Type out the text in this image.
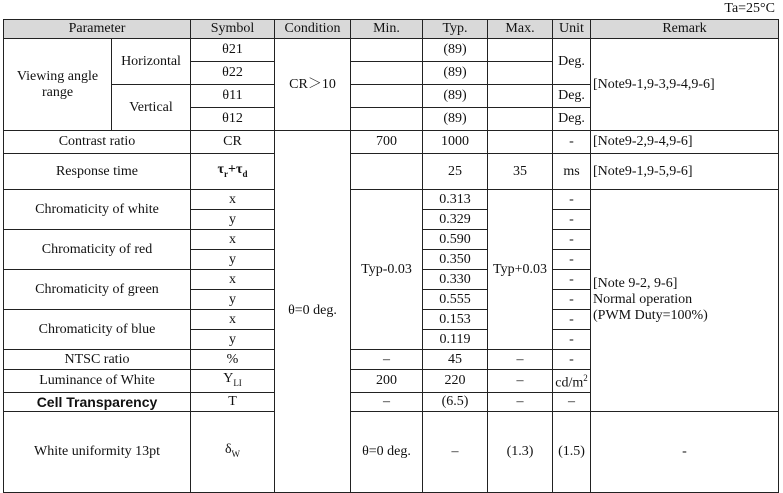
Ta=25°C
Parameter		Symbol	Condition	Min.	Typ.	Max.	Unit	Remark	
Viewing angle range	Horizontal	θ21	CR＞10		(89)		Deg.	[Note9-1,9-3,9-4,9-6]	
		θ22			(89)				
	Vertical	θ11			(89)		Deg.		
		θ12			(89)		Deg.		
Contrast ratio		CR	θ=0 deg.	700	1000		-	[Note9-2,9-4,9-6]	
Response time		$\tau_r+\tau_d$			25	35	ms	[Note9-1,9-5,9-6]	
Chromaticity of white		x		Typ-0.03	0.313	Typ+0.03	-	[Note 9-2, 9-6]
Normal operation
(PWM Duty=100%)	
		y			0.329		-		
Chromaticity of red		x			0.590		-		
		y			0.350		-		
Chromaticity of green		x			0.330		-		
		y			0.555		-		
Chromaticity of blue		x			0.153		-		
		y			0.119		-		
NTSC ratio		%		–	45	–	-		
Luminance of White		$Y_{LI}$		200	220	–	$cd/m^2$
Cell Transparency		T		–	(6.5)	–	–		
White uniformity 13pt		$\delta_W$		θ=0 deg.	–	(1.3)	(1.5)	-	
